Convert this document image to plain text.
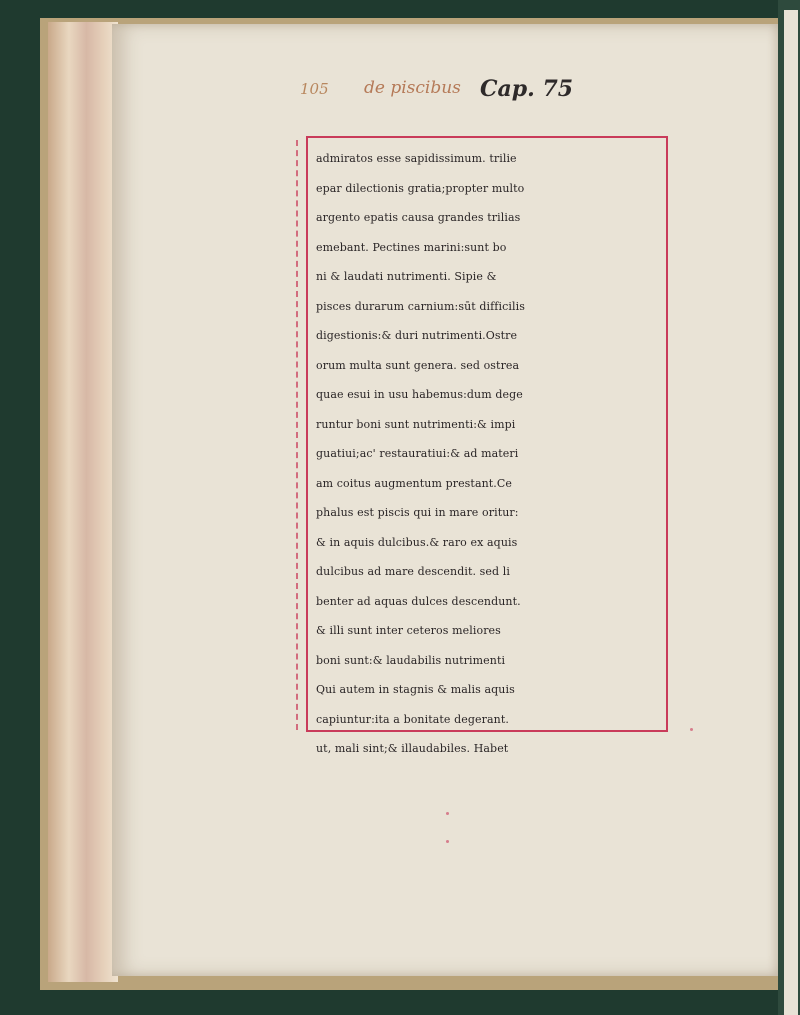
105 de piscibus Cap. 75
admiratos esse sapidissimum. trilie
epar dilectionis gratia;propter multo
argento epatis causa grandes trilias
emebant. Pectines marini:sunt bo
ni & laudati nutrimenti. Sipie &
pisces durarum carnium:sūt difficilis
digestionis:& duri nutrimenti.Ostre
orum multa sunt genera. sed ostrea
quae esui in usu habemus:dum dege
runtur boni sunt nutrimenti:& impi
guatiui;ac' restauratiui:& ad materi
am coitus augmentum prestant.Ce
phalus est piscis qui in mare oritur:
& in aquis dulcibus.& raro ex aquis
dulcibus ad mare descendit. sed li
benter ad aquas dulces descendunt.
& illi sunt inter ceteros meliores
boni sunt:& laudabilis nutrimenti
Qui autem in stagnis & malis aquis
capiuntur:ita a bonitate degerant.
ut, mali sint;& illaudabiles. Habet
